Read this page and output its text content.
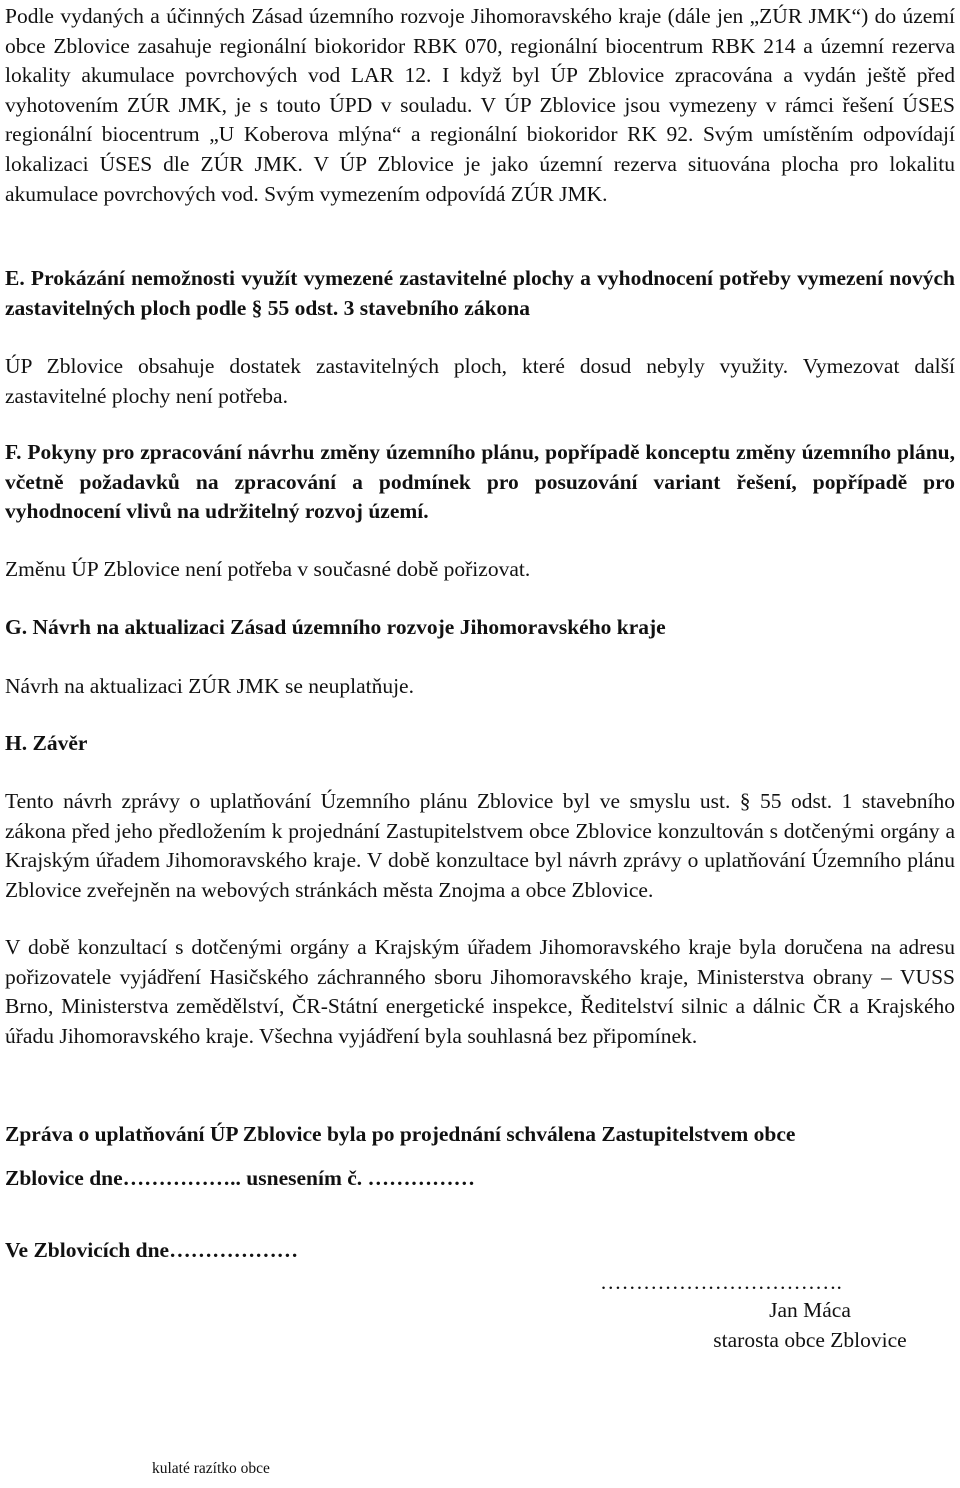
Podle vydaných a účinných Zásad územního rozvoje Jihomoravského kraje (dále jen „ZÚR JMK“) do území obce Zblovice zasahuje regionální biokoridor RBK 070, regionální biocentrum RBK 214 a územní rezerva lokality akumulace povrchových vod LAR 12. I když byl ÚP Zblovice zpracována a vydán ještě před vyhotovením ZÚR JMK, je s touto ÚPD v souladu. V ÚP Zblovice jsou vymezeny v rámci řešení ÚSES regionální biocentrum „U Koberova mlýna“ a regionální biokoridor RK 92. Svým umístěním odpovídají lokalizaci ÚSES dle ZÚR JMK. V ÚP Zblovice je jako územní rezerva situována plocha pro lokalitu akumulace povrchových vod. Svým vymezením odpovídá ZÚR JMK.

E. Prokázání nemožnosti využít vymezené zastavitelné plochy a vyhodnocení potřeby vymezení nových zastavitelných ploch podle § 55 odst. 3 stavebního zákona

ÚP Zblovice obsahuje dostatek zastavitelných ploch, které dosud nebyly využity. Vymezovat další zastavitelné plochy není potřeba.

F. Pokyny pro zpracování návrhu změny územního plánu, popřípadě konceptu změny územního plánu, včetně požadavků na zpracování a podmínek pro posuzování variant řešení, popřípadě pro vyhodnocení vlivů na udržitelný rozvoj území.

Změnu ÚP Zblovice není potřeba v současné době pořizovat.

G. Návrh na aktualizaci Zásad územního rozvoje Jihomoravského kraje

Návrh na aktualizaci ZÚR JMK se neuplatňuje.

H. Závěr

Tento návrh zprávy o uplatňování Územního plánu Zblovice byl ve smyslu ust. § 55 odst. 1 stavebního zákona před jeho předložením k projednání Zastupitelstvem obce Zblovice konzultován s dotčenými orgány a Krajským úřadem Jihomoravského kraje. V době konzultace byl návrh zprávy o uplatňování Územního plánu Zblovice zveřejněn na webových stránkách města Znojma a obce Zblovice.

V době konzultací s dotčenými orgány a Krajským úřadem Jihomoravského kraje byla doručena na adresu pořizovatele vyjádření Hasičského záchranného sboru Jihomoravského kraje, Ministerstva obrany – VUSS Brno, Ministerstva zemědělství, ČR-Státní energetické inspekce, Ředitelství silnic a dálnic ČR a Krajského úřadu Jihomoravského kraje. Všechna vyjádření byla souhlasná bez připomínek.

Zpráva o uplatňování ÚP Zblovice byla po projednání schválena Zastupitelstvem obce

Zblovice dne…………….. usnesením č. ……………

Ve Zblovicích dne………………

…………………………….
Jan Máca
starosta obce Zblovice
kulaté razítko obce
